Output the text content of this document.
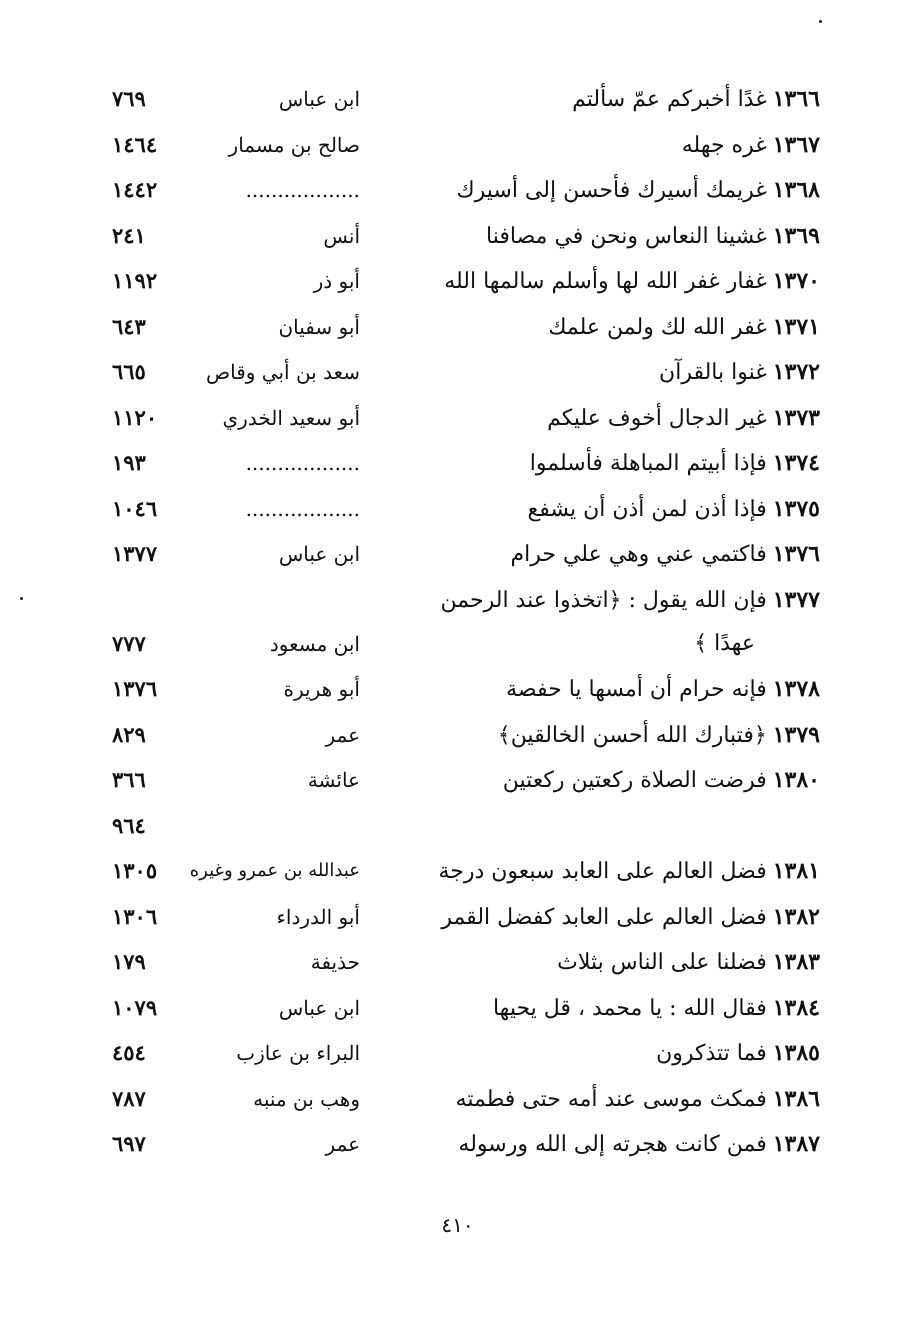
١٣٦٦غدًا أخبركم عمّ سألتم
ابن عباس
٧٦٩
١٣٦٧غره جهله
صالح بن مسمار
١٤٦٤
١٣٦٨غريمك أسيرك فأحسن إلى أسيرك
..................
١٤٤٢
١٣٦٩غشينا النعاس ونحن في مصافنا
أنس
٢٤١
١٣٧٠غفار غفر الله لها وأسلم سالمها الله
أبو ذر
١١٩٢
١٣٧١غفر الله لك ولمن علمك
أبو سفيان
٦٤٣
١٣٧٢غنوا بالقرآن
سعد بن أبي وقاص
٦٦٥
١٣٧٣غير الدجال أخوف عليكم
أبو سعيد الخدري
١١٢٠
١٣٧٤فإذا أبيتم المباهلة فأسلموا
..................
١٩٣
١٣٧٥فإذا أذن لمن أذن أن يشفع
..................
١٠٤٦
١٣٧٦فاكتمي عني وهي علي حرام
ابن عباس
١٣٧٧
١٣٧٧فإن الله يقول : ﴿اتخذوا عند الرحمن
عهدًا ﴾
ابن مسعود
٧٧٧
١٣٧٨فإنه حرام أن أمسها يا حفصة
أبو هريرة
١٣٧٦
١٣٧٩﴿فتبارك الله أحسن الخالقين﴾
عمر
٨٢٩
١٣٨٠فرضت الصلاة ركعتين ركعتين
عائشة
٣٦٦
٩٦٤
١٣٨١فضل العالم على العابد سبعون درجة
عبدالله بن عمرو وغيره
١٣٠٥
١٣٨٢فضل العالم على العابد كفضل القمر
أبو الدرداء
١٣٠٦
١٣٨٣فضلنا على الناس بثلاث
حذيفة
١٧٩
١٣٨٤فقال الله : يا محمد ، قل يحيها
ابن عباس
١٠٧٩
١٣٨٥فما تتذكرون
البراء بن عازب
٤٥٤
١٣٨٦فمكث موسى عند أمه حتى فطمته
وهب بن منبه
٧٨٧
١٣٨٧فمن كانت هجرته إلى الله ورسوله
عمر
٦٩٧
٤١٠
